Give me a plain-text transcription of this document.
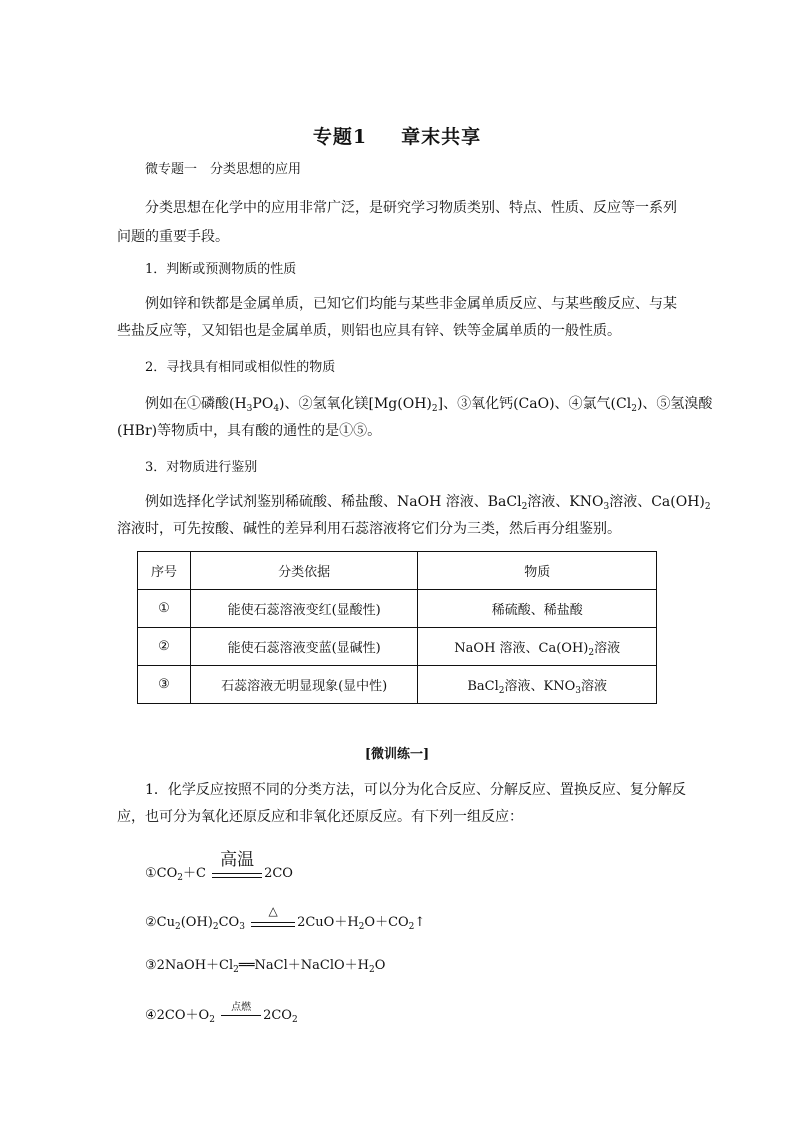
专题1 章末共享
微专题一　分类思想的应用
分类思想在化学中的应用非常广泛，是研究学习物质类别、特点、性质、反应等一系列
问题的重要手段。
1．判断或预测物质的性质
例如锌和铁都是金属单质，已知它们均能与某些非金属单质反应、与某些酸反应、与某
些盐反应等，又知铝也是金属单质，则铝也应具有锌、铁等金属单质的一般性质。
2．寻找具有相同或相似性的物质
例如在①磷酸$(H_3PO_4)$、②氢氧化镁$[Mg(OH)_2]$、③氧化钙(CaO)、④氯气$(Cl_2)$、⑤氢溴酸
(HBr)等物质中，具有酸的通性的是①⑤。
3．对物质进行鉴别
例如选择化学试剂鉴别稀硫酸、稀盐酸、NaOH 溶液、BaCl$_2$溶液、$KNO_3$溶液、$Ca(OH)_2$
溶液时，可先按酸、碱性的差异利用石蕊溶液将它们分为三类，然后再分组鉴别。
序号	分类依据	物质
①	能使石蕊溶液变红(显酸性)	稀硫酸、稀盐酸
②	能使石蕊溶液变蓝(显碱性)	NaOH 溶液、$Ca(OH)_2$溶液
③	石蕊溶液无明显现象(显中性)	BaCl$_2$溶液、$KNO_3$溶液
[微训练一]
1．化学反应按照不同的分类方法，可以分为化合反应、分解反应、置换反应、复分解反
应，也可分为氧化还原反应和非氧化还原反应。有下列一组反应：
$①CO_2+C$
高温
2CO
$②Cu_2(OH)_2CO_3$
△
$2CuO+H_2O+CO_2↑$
$③2NaOH+Cl_2══NaCl+NaClO+H_2O$
$④2CO+O_2$
点燃
$2CO_2$
